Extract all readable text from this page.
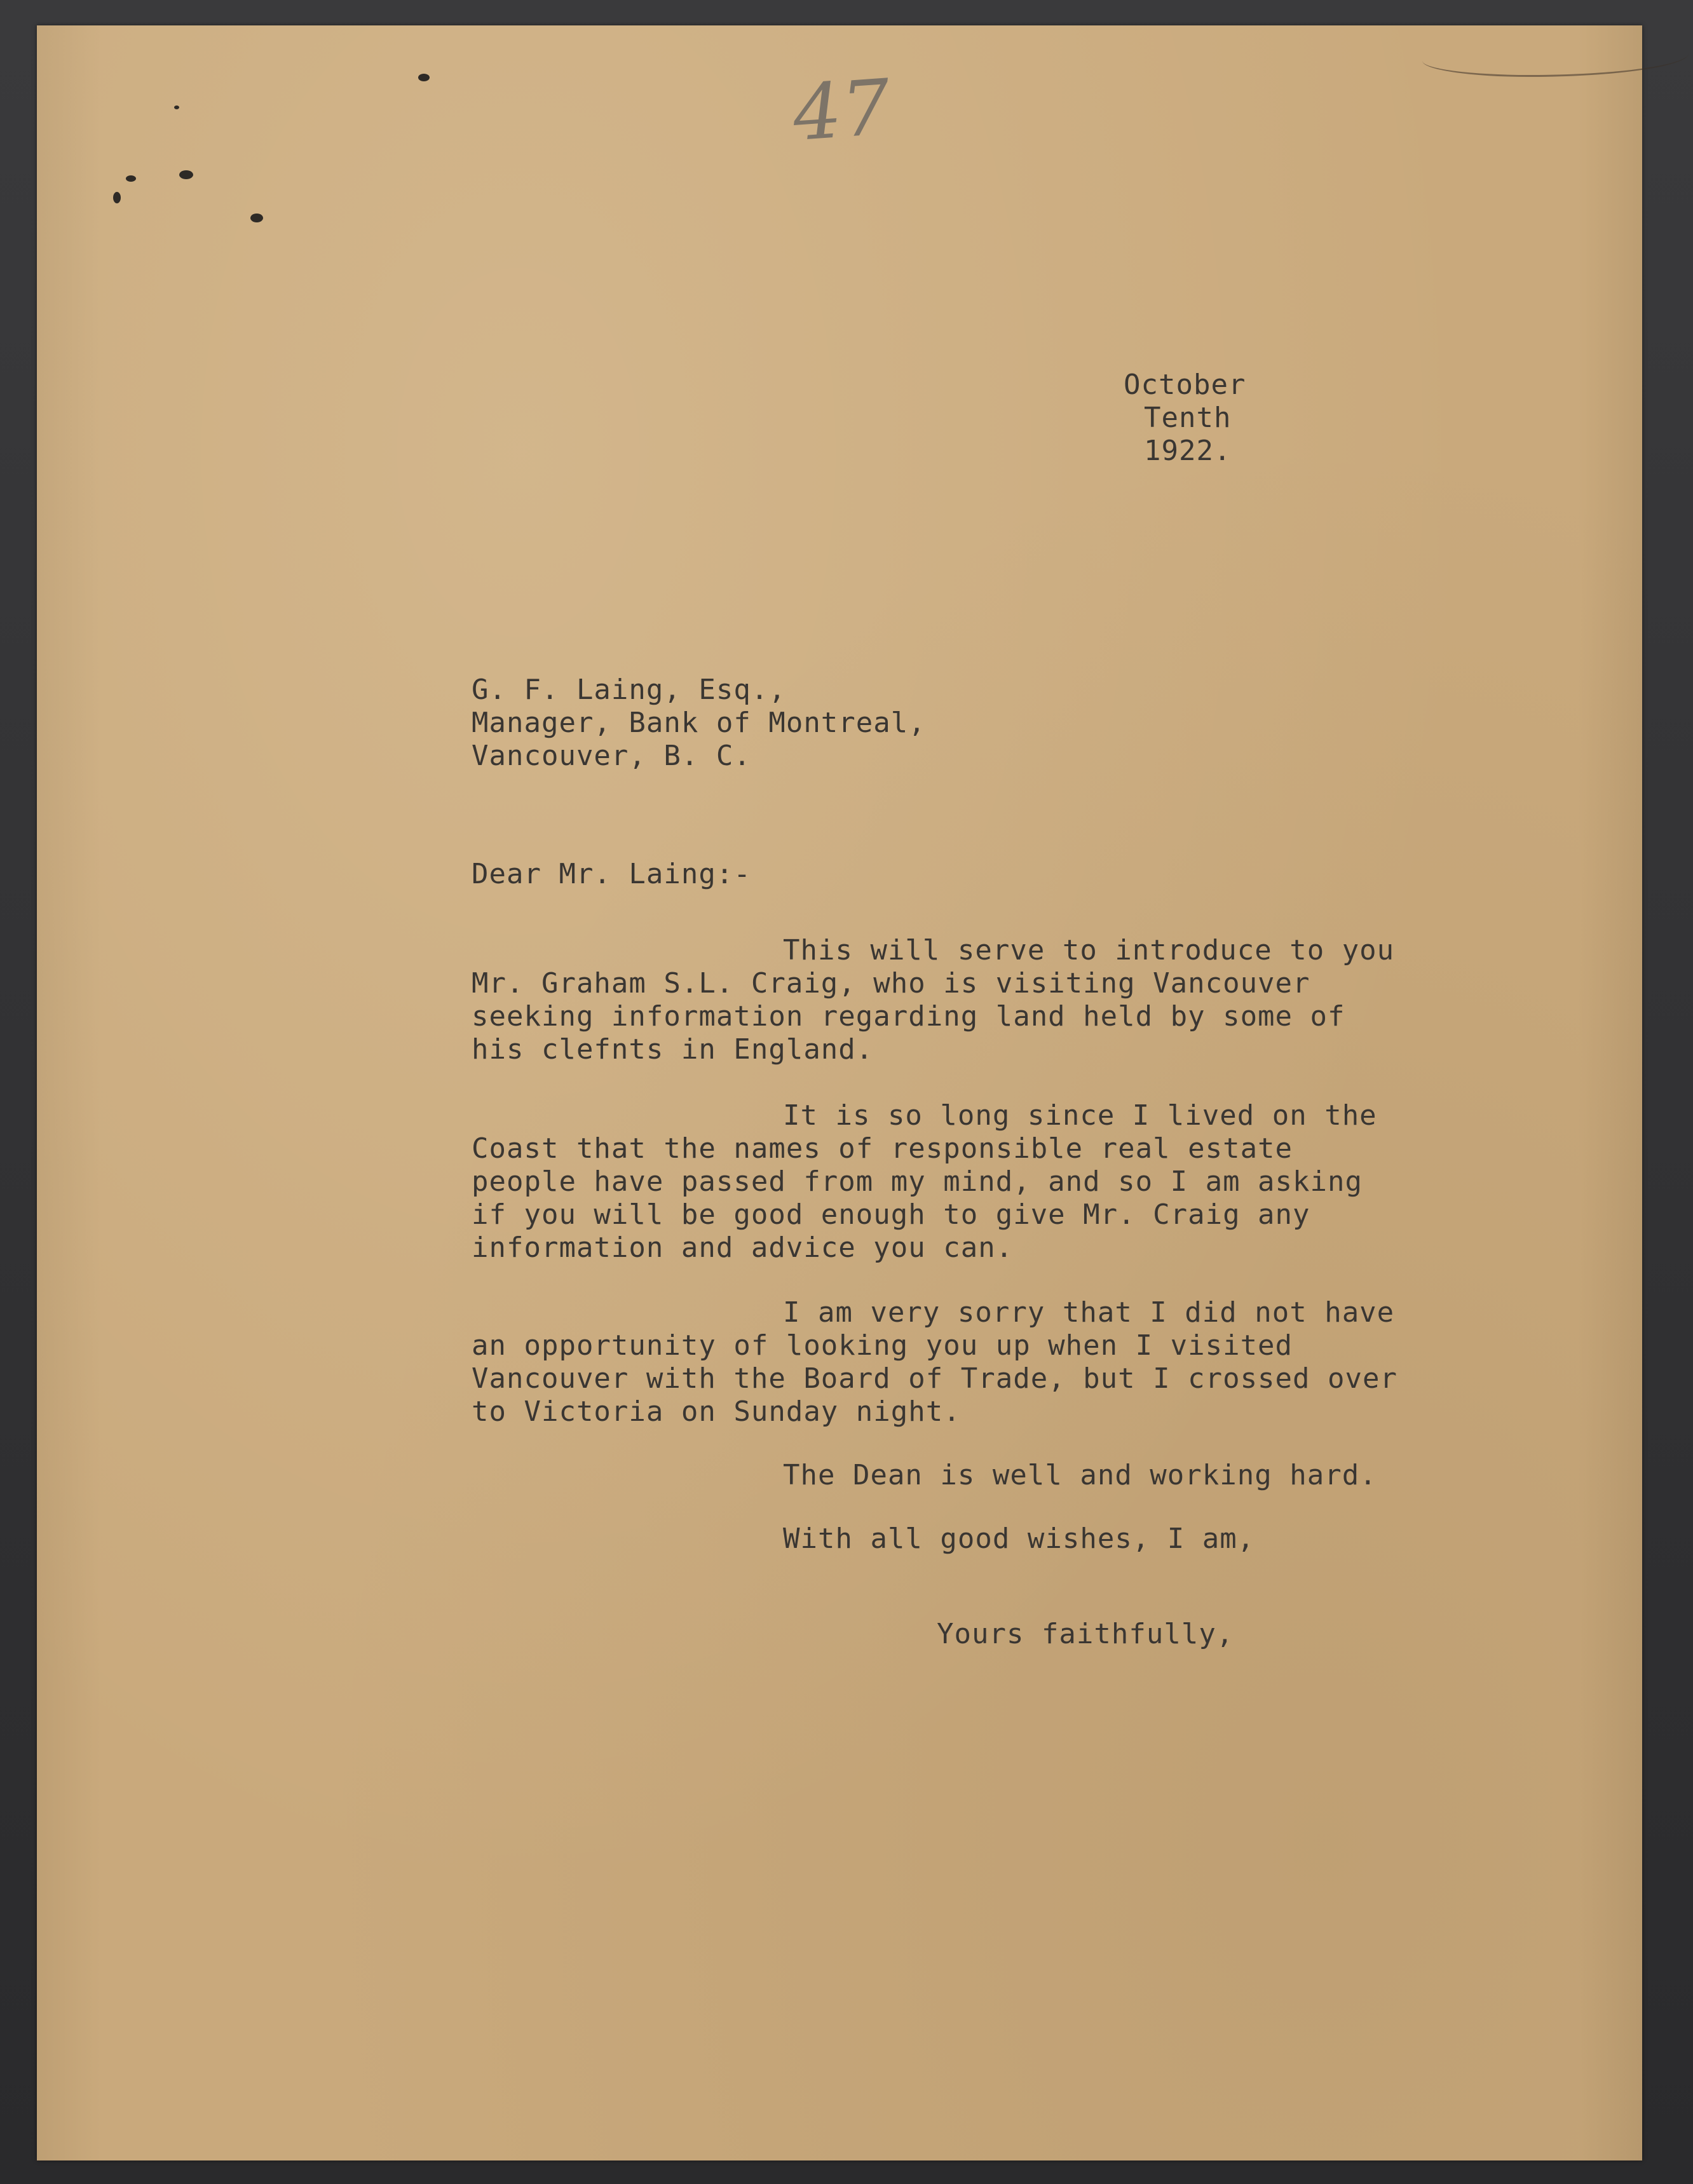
47
October
Tenth
1922.
G. F. Laing, Esq.,
Manager, Bank of Montreal,
Vancouver, B. C.
Dear Mr. Laing:-
This will serve to introduce to you
Mr. Graham S.L. Craig, who is visiting Vancouver
seeking information regarding land held by some of
his clefnts in England.
It is so long since I lived on the
Coast that the names of responsible real estate
people have passed from my mind, and so I am asking
if you will be good enough to give Mr. Craig any
information and advice you can.
I am very sorry that I did not have
an opportunity of looking you up when I visited
Vancouver with the Board of Trade, but I crossed over
to Victoria on Sunday night.
The Dean is well and working hard.
With all good wishes, I am,
Yours faithfully,
